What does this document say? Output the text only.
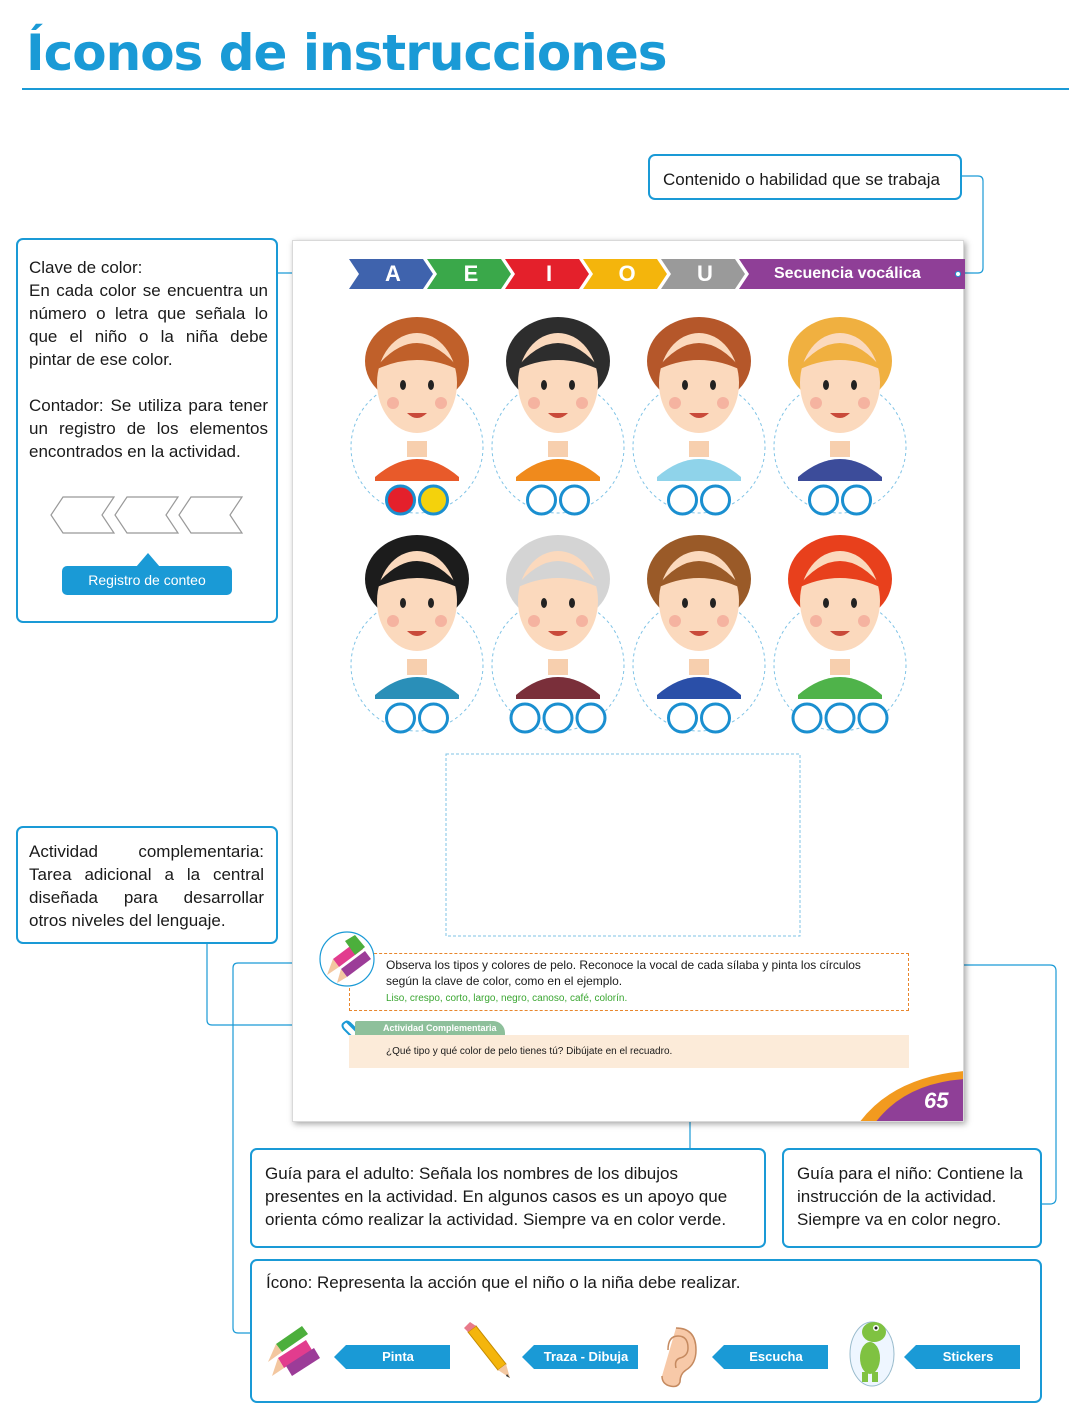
Íconos de instrucciones
Contenido o habilidad que se trabaja
Clave de color:
En cada color se encuentra un número o letra que señala lo que el niño o la niña debe pintar de ese color.
Contador: Se utiliza para tener un registro de los elementos encontrados en la actividad.
Registro de conteo
Actividad complementaria: Tarea adicional a la central diseñada para desarrollar otros niveles del lenguaje.
A	E	I	O	U	Secuencia vocálica
Observa los tipos y colores de pelo. Reconoce la vocal de cada sílaba y pinta los círculos según la clave de color, como en el ejemplo.
Liso, crespo, corto, largo, negro, canoso, café, colorín.
Actividad Complementaria
¿Qué tipo y qué color de pelo tienes tú? Dibújate en el recuadro.
65
Guía para el adulto: Señala los nombres de los dibujos presentes en la actividad. En algunos casos es un apoyo que orienta cómo realizar la actividad. Siempre va en color verde.
Guía para el niño: Contiene la instrucción de la actividad. Siempre va en color negro.
Ícono: Representa la acción que el niño o la niña debe realizar.
Pinta	Traza - Dibuja	Escucha	Stickers
